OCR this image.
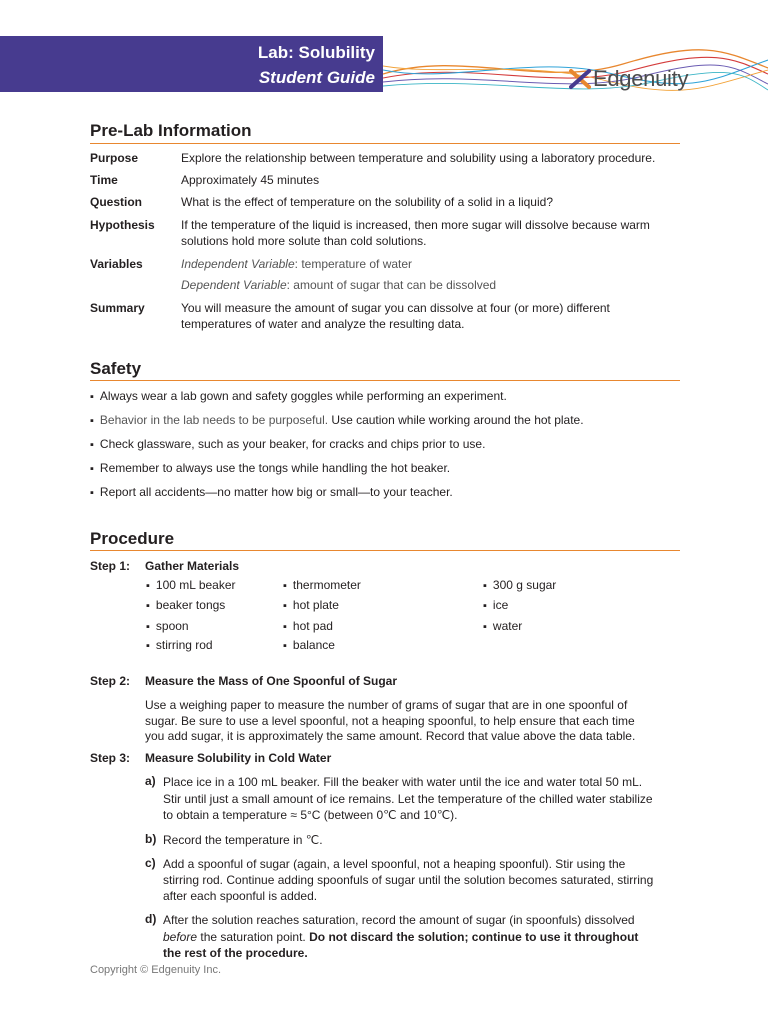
Lab: Solubility
Student Guide	Edgenuity
Pre-Lab Information
Purpose	Explore the relationship between temperature and solubility using a laboratory procedure.
Time	Approximately 45 minutes
Question	What is the effect of temperature on the solubility of a solid in a liquid?
Hypothesis If the temperature of the liquid is increased, then more sugar will dissolve because warm
solutions hold more solute than cold solutions.
Variables	Independent Variable: temperature of water
Dependent Variable: amount of sugar that can be dissolved
Summary	You will measure the amount of sugar you can dissolve at four (or more) different
temperatures of water and analyze the resulting data.
Safety
▪ Always wear a lab gown and safety goggles while performing an experiment.
▪ Behavior in the lab needs to be purposeful. Use caution while working around the hot plate.
▪ Check glassware, such as your beaker, for cracks and chips prior to use.
▪ Remember to always use the tongs while handling the hot beaker.
▪ Report all accidents—no matter how big or small—to your teacher.
Procedure
Step 1: Gather Materials
▪ 100 mL beaker
▪ beaker tongs
▪ spoon
▪ stirring rod
▪ thermometer
▪ hot plate
▪ hot pad
▪ balance
▪ 300 g sugar
▪ ice
▪ water
Step 2: Measure the Mass of One Spoonful of Sugar
Use a weighing paper to measure the number of grams of sugar that are in one spoonful of
sugar. Be sure to use a level spoonful, not a heaping spoonful, to help ensure that each time
you add sugar, it is approximately the same amount. Record that value above the data table.
Step 3: Measure Solubility in Cold Water
a) Place ice in a 100 mL beaker. Fill the beaker with water until the ice and water total 50 mL.
Stir until just a small amount of ice remains. Let the temperature of the chilled water stabilize
to obtain a temperature ≈ 5°C (between 0℃ and 10℃).
b) Record the temperature in ℃.
c) Add a spoonful of sugar (again, a level spoonful, not a heaping spoonful). Stir using the
stirring rod. Continue adding spoonfuls of sugar until the solution becomes saturated, stirring
after each spoonful is added.
d) After the solution reaches saturation, record the amount of sugar (in spoonfuls) dissolved
before the saturation point. Do not discard the solution; continue to use it throughout
the rest of the procedure.
Copyright © Edgenuity Inc.
